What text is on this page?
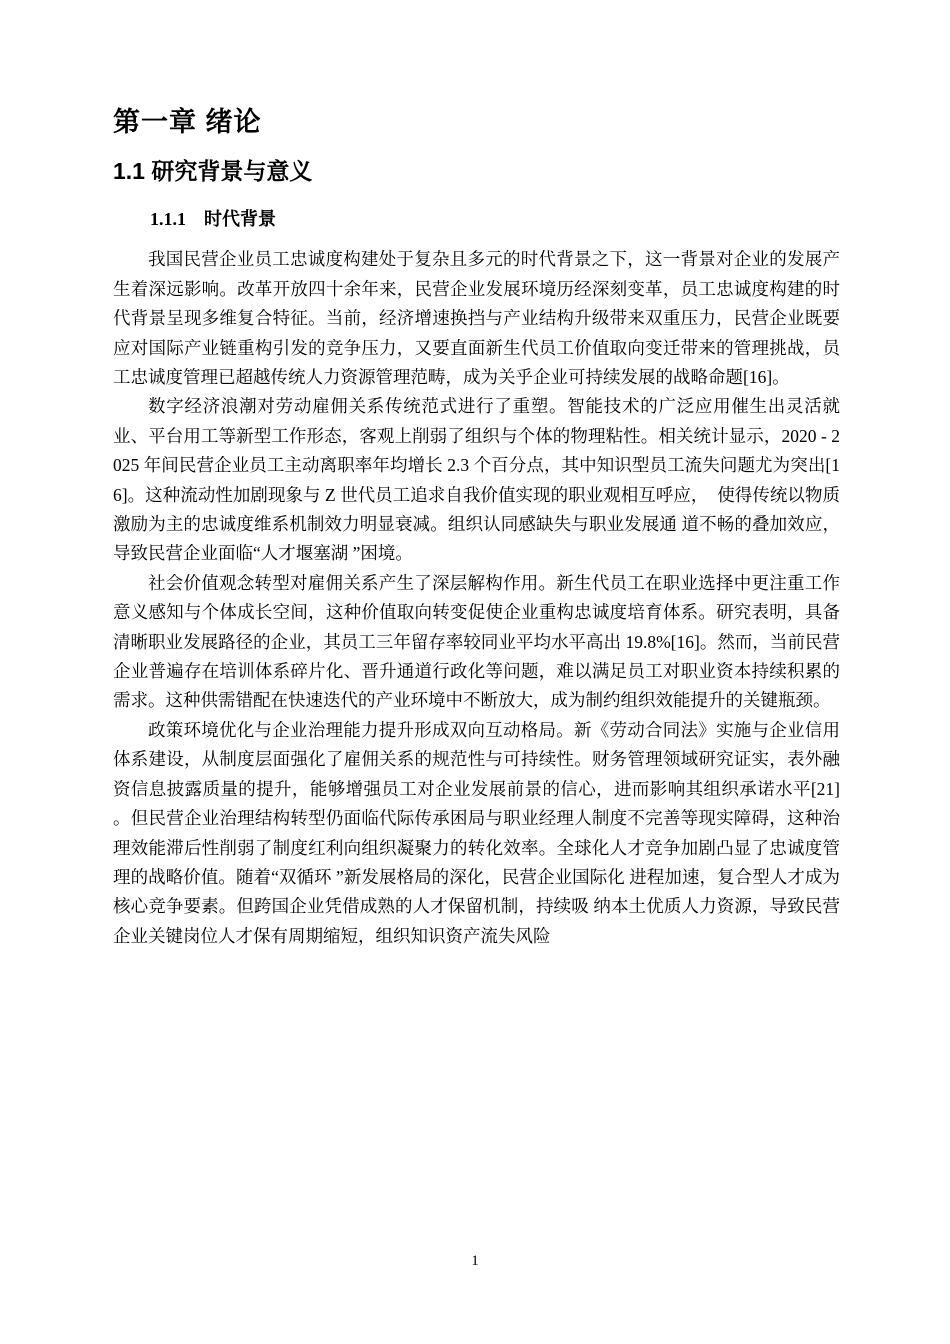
第一章 绪论
1.1 研究背景与意义
1.1.1　时代背景

我国民营企业员工忠诚度构建处于复杂且多元的时代背景之下，这一背景对企业的发展产生着深远影响。改革开放四十余年来，民营企业发展环境历经深刻变革，员工忠诚度构建的时代背景呈现多维复合特征。当前，经济增速换挡与产业结构升级带来双重压力，民营企业既要应对国际产业链重构引发的竞争压力，又要直面新生代员工价值取向变迁带来的管理挑战，员工忠诚度管理已超越传统人力资源管理范畴，成为关乎企业可持续发展的战略命题[16]。

数字经济浪潮对劳动雇佣关系传统范式进行了重塑。智能技术的广泛应用催生出灵活就业、平台用工等新型工作形态，客观上削弱了组织与个体的物理粘性。相关统计显示，2020 - 2025 年间民营企业员工主动离职率年均增长 2.3 个百分点，其中知识型员工流失问题尤为突出[16]。这种流动性加剧现象与 Z 世代员工追求自我价值实现的职业观相互呼应，　使得传统以物质激励为主的忠诚度维系机制效力明显衰减。组织认同感缺失与职业发展通 道不畅的叠加效应，导致民营企业面临“人才堰塞湖 ”困境。

社会价值观念转型对雇佣关系产生了深层解构作用。新生代员工在职业选择中更注重工作意义感知与个体成长空间，这种价值取向转变促使企业重构忠诚度培育体系。研究表明，具备清晰职业发展路径的企业，其员工三年留存率较同业平均水平高出 19.8%[16]。然而，当前民营企业普遍存在培训体系碎片化、晋升通道行政化等问题，难以满足员工对职业资本持续积累的需求。这种供需错配在快速迭代的产业环境中不断放大，成为制约组织效能提升的关键瓶颈。

政策环境优化与企业治理能力提升形成双向互动格局。新《劳动合同法》实施与企业信用体系建设，从制度层面强化了雇佣关系的规范性与可持续性。财务管理领域研究证实，表外融资信息披露质量的提升，能够增强员工对企业发展前景的信心，进而影响其组织承诺水平[21] 。但民营企业治理结构转型仍面临代际传承困局与职业经理人制度不完善等现实障碍，这种治理效能滞后性削弱了制度红利向组织凝聚力的转化效率。全球化人才竞争加剧凸显了忠诚度管理的战略价值。随着“双循环 ”新发展格局的深化，民营企业国际化 进程加速，复合型人才成为核心竞争要素。但跨国企业凭借成熟的人才保留机制，持续吸 纳本土优质人力资源，导致民营企业关键岗位人才保有周期缩短，组织知识资产流失风险

1
